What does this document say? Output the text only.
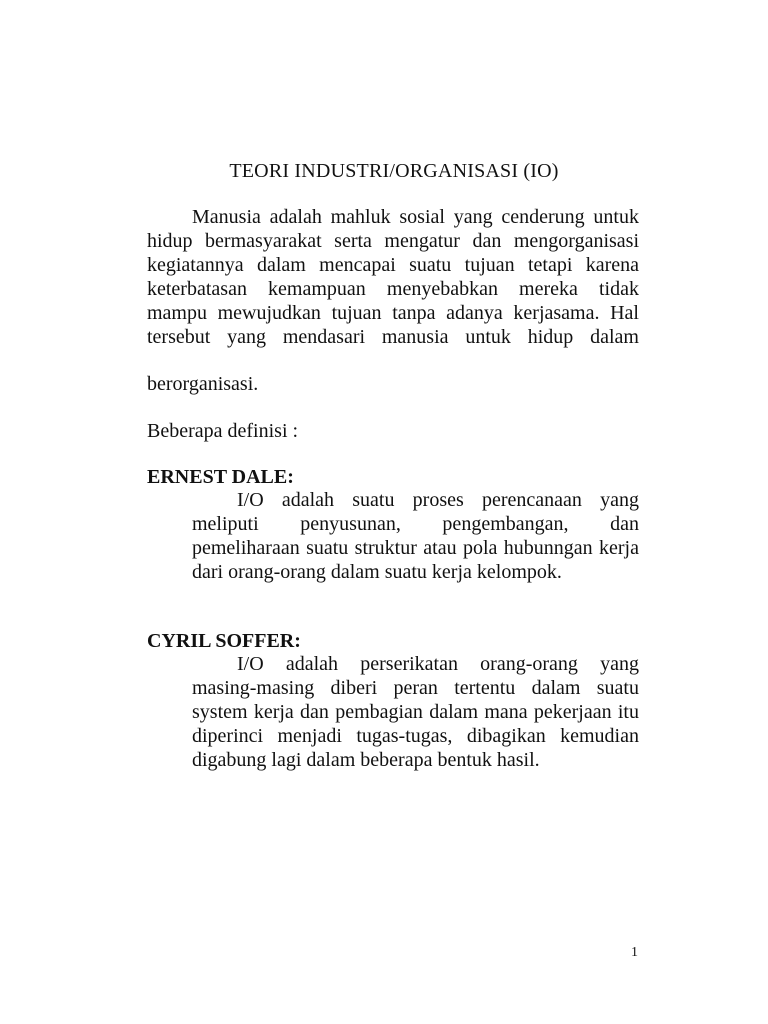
TEORI INDUSTRI/ORGANISASI (IO)
Manusia adalah mahluk sosial yang cenderung untuk hidup bermasyarakat serta mengatur dan mengorganisasi kegiatannya dalam mencapai suatu tujuan tetapi karena keterbatasan kemampuan menyebabkan mereka tidak mampu mewujudkan tujuan tanpa adanya kerjasama. Hal tersebut yang mendasari manusia untuk hidup dalam
berorganisasi.
Beberapa definisi :
ERNEST DALE:
I/O adalah suatu proses perencanaan yang meliputi penyusunan, pengembangan, dan pemeliharaan suatu struktur atau pola hubunngan kerja dari orang-orang dalam suatu kerja kelompok.
CYRIL SOFFER:
I/O adalah perserikatan orang-orang yang masing-masing diberi peran tertentu dalam suatu system kerja dan pembagian dalam mana pekerjaan itu diperinci menjadi tugas-tugas, dibagikan kemudian digabung lagi dalam beberapa bentuk hasil.
1
